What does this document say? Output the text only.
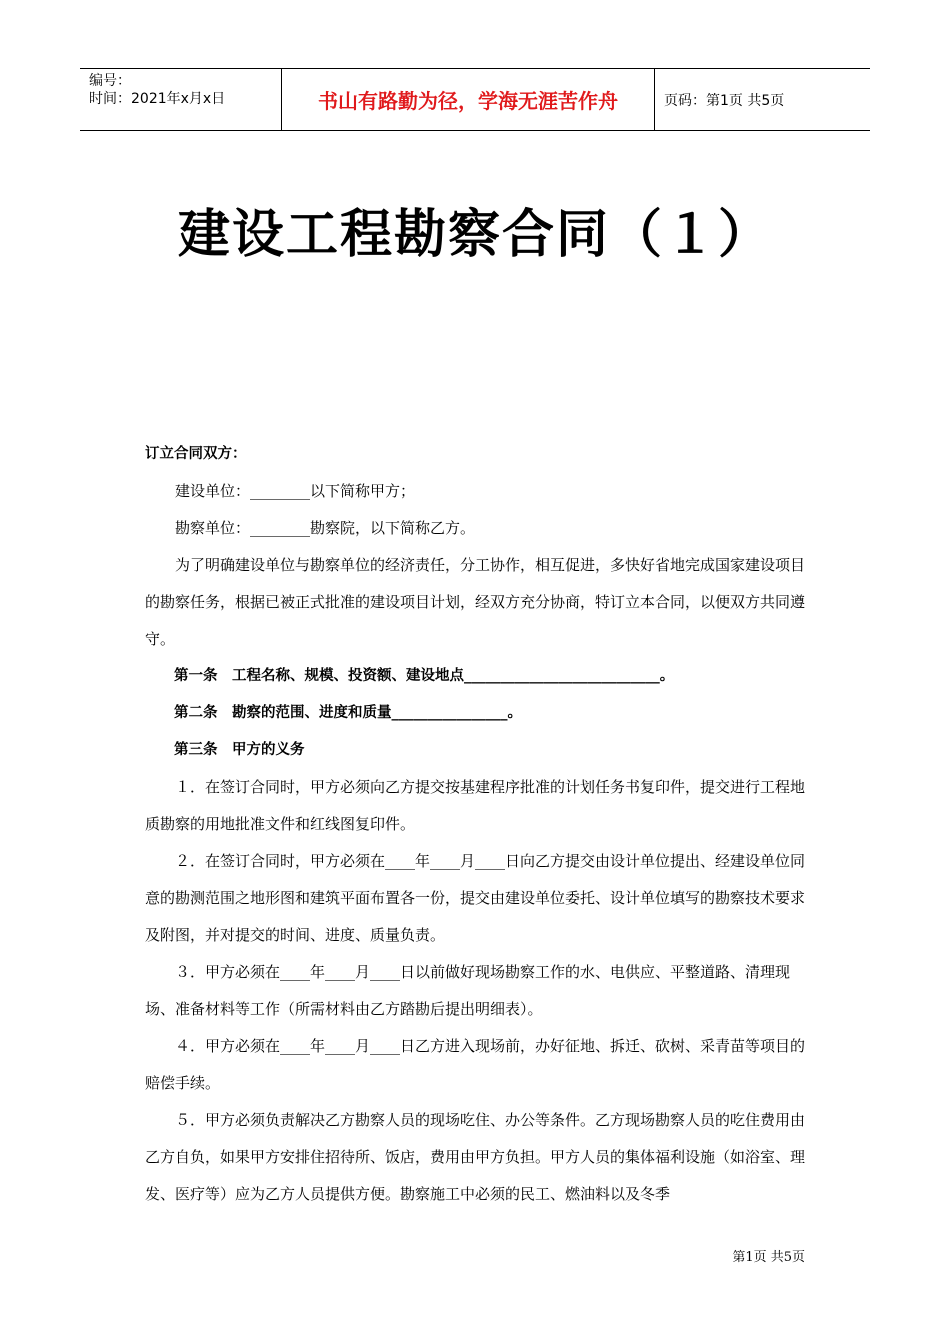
编号：
时间：2021年x月x日	书山有路勤为径，学海无涯苦作舟	页码：第1页 共5页
建设工程勘察合同（１）

订立合同双方：

建设单位：________以下简称甲方；

勘察单位：________勘察院，以下简称乙方。

为了明确建设单位与勘察单位的经济责任，分工协作，相互促进，多快好省地完成国家建设项目的勘察任务，根据已被正式批准的建设项目计划，经双方充分协商，特订立本合同，以便双方共同遵守。

第一条　工程名称、规模、投资额、建设地点___________________________。

第二条　勘察的范围、进度和质量________________。

第三条　甲方的义务

１．在签订合同时，甲方必须向乙方提交按基建程序批准的计划任务书复印件，提交进行工程地质勘察的用地批准文件和红线图复印件。

２．在签订合同时，甲方必须在____年____月____日向乙方提交由设计单位提出、经建设单位同意的勘测范围之地形图和建筑平面布置各一份，提交由建设单位委托、设计单位填写的勘察技术要求及附图，并对提交的时间、进度、质量负责。

３．甲方必须在____年____月____日以前做好现场勘察工作的水、电供应、平整道路、清理现场、准备材料等工作（所需材料由乙方踏勘后提出明细表）。

４．甲方必须在____年____月____日乙方进入现场前，办好征地、拆迁、砍树、采青苗等项目的赔偿手续。

５．甲方必须负责解决乙方勘察人员的现场吃住、办公等条件。乙方现场勘察人员的吃住费用由乙方自负，如果甲方安排住招待所、饭店，费用由甲方负担。甲方人员的集体福利设施（如浴室、理发、医疗等）应为乙方人员提供方便。勘察施工中必须的民工、燃油料以及冬季

第1页 共5页
